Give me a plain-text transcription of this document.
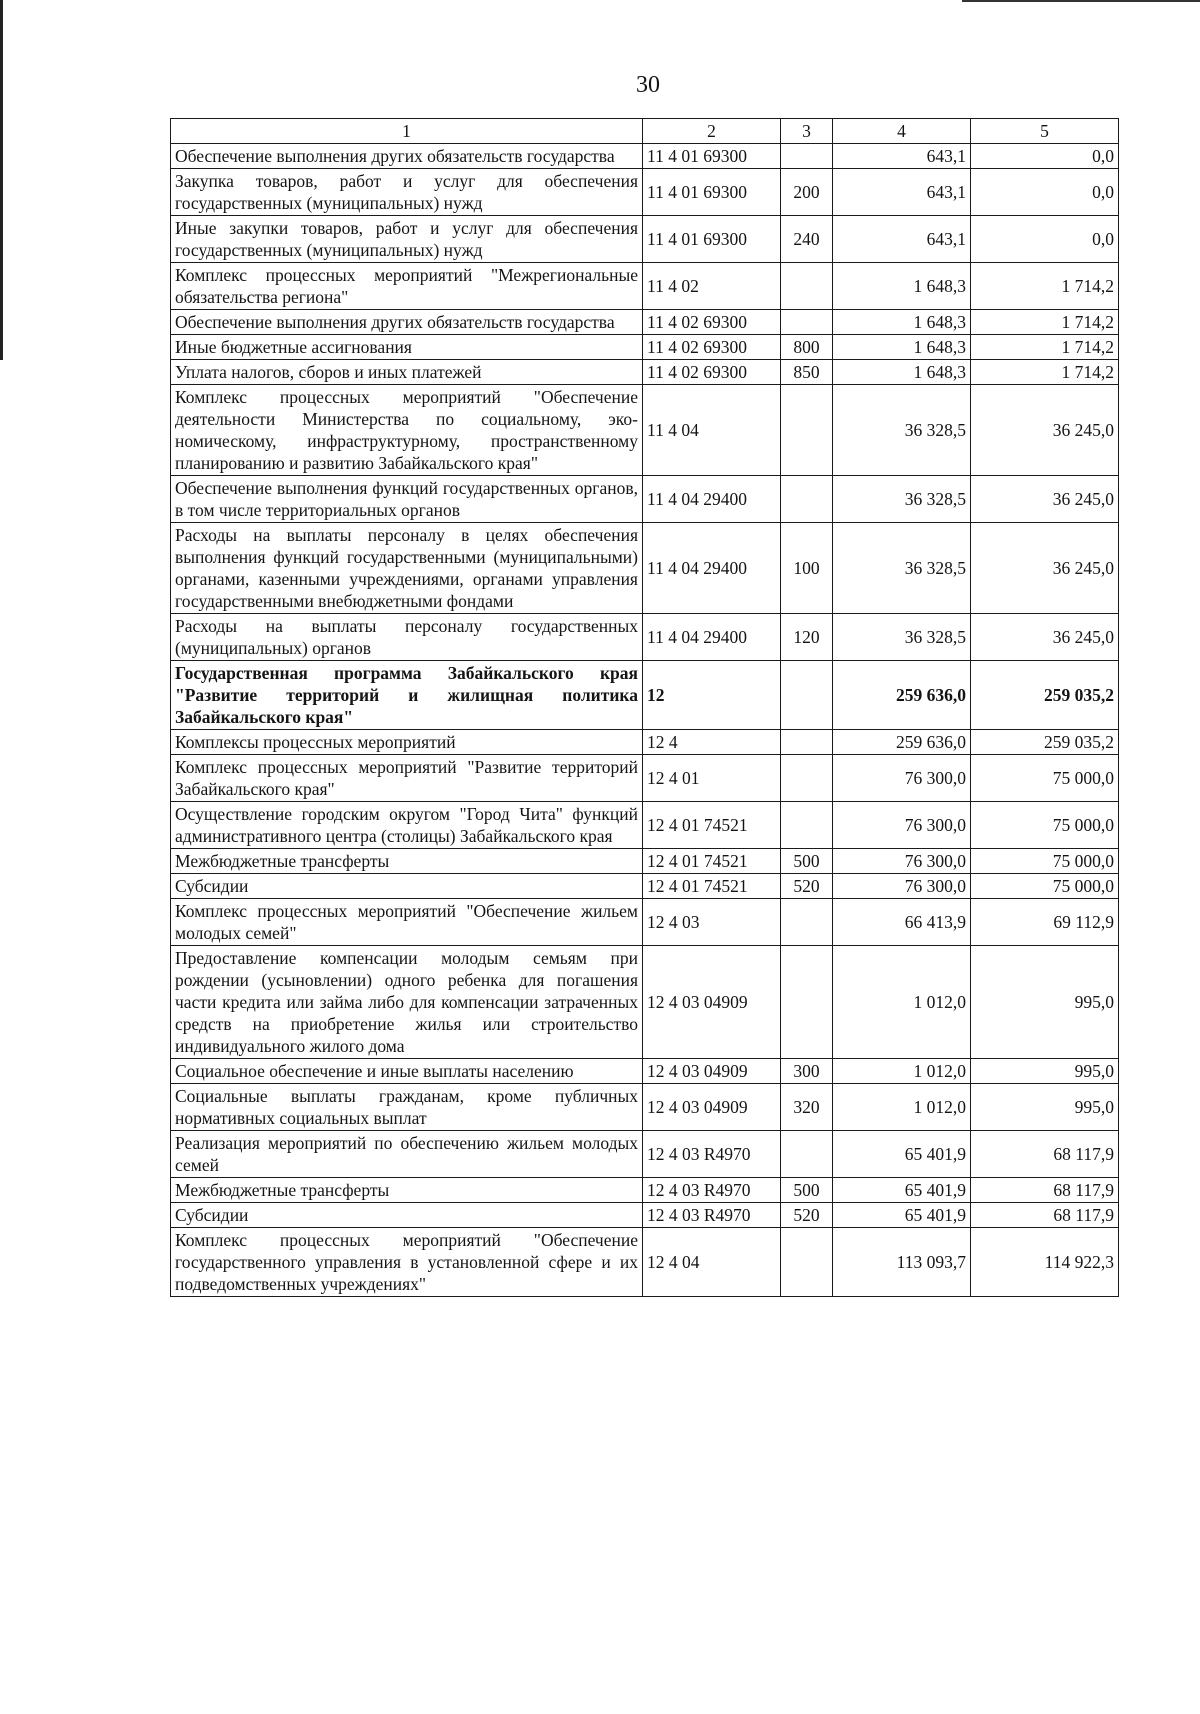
30
1	2	3	4	5
Обеспечение выполнения других обязательств государства	11 4 01 69300		643,1	0,0
Закупка товаров, работ и услуг для обеспечения государственных (муниципальных) нужд	11 4 01 69300	200	643,1	0,0
Иные закупки товаров, работ и услуг для обеспечения государственных (муниципальных) нужд	11 4 01 69300	240	643,1	0,0
Комплекс процессных мероприятий "Межрегиональные обязательства региона"	11 4 02		1 648,3	1 714,2
Обеспечение выполнения других обязательств государства	11 4 02 69300		1 648,3	1 714,2
Иные бюджетные ассигнования	11 4 02 69300	800	1 648,3	1 714,2
Уплата налогов, сборов и иных платежей	11 4 02 69300	850	1 648,3	1 714,2
Комплекс процессных мероприятий "Обеспечение деятельности Министерства по социальному, экономическому, инфраструктурному, пространственному планированию и развитию Забайкальского края"	11 4 04		36 328,5	36 245,0
Обеспечение выполнения функций государственных органов, в том числе территориальных органов	11 4 04 29400		36 328,5	36 245,0
Расходы на выплаты персоналу в целях обеспечения выполнения функций государственными (муниципальными) органами, казенными учреждениями, органами управления государственными внебюджетными фондами	11 4 04 29400	100	36 328,5	36 245,0
Расходы на выплаты персоналу государственных (муниципальных) органов	11 4 04 29400	120	36 328,5	36 245,0
Государственная программа Забайкальского края "Развитие территорий и жилищная политика Забайкальского края"	12		259 636,0	259 035,2
Комплексы процессных мероприятий	12 4		259 636,0	259 035,2
Комплекс процессных мероприятий "Развитие территорий Забайкальского края"	12 4 01		76 300,0	75 000,0
Осуществление городским округом "Город Чита" функций административного центра (столицы) Забайкальского края	12 4 01 74521		76 300,0	75 000,0
Межбюджетные трансферты	12 4 01 74521	500	76 300,0	75 000,0
Субсидии	12 4 01 74521	520	76 300,0	75 000,0
Комплекс процессных мероприятий "Обеспечение жильем молодых семей"	12 4 03		66 413,9	69 112,9
Предоставление компенсации молодым семьям при рождении (усыновлении) одного ребенка для погашения части кредита или займа либо для компенсации затраченных средств на приобретение жилья или строительство индивидуального жилого дома	12 4 03 04909		1 012,0	995,0
Социальное обеспечение и иные выплаты населению	12 4 03 04909	300	1 012,0	995,0
Социальные выплаты гражданам, кроме публичных нормативных социальных выплат	12 4 03 04909	320	1 012,0	995,0
Реализация мероприятий по обеспечению жильем молодых семей	12 4 03 R4970		65 401,9	68 117,9
Межбюджетные трансферты	12 4 03 R4970	500	65 401,9	68 117,9
Субсидии	12 4 03 R4970	520	65 401,9	68 117,9
Комплекс процессных мероприятий "Обеспечение государственного управления в установленной сфере и их подведомственных учреждениях"	12 4 04		113 093,7	114 922,3
